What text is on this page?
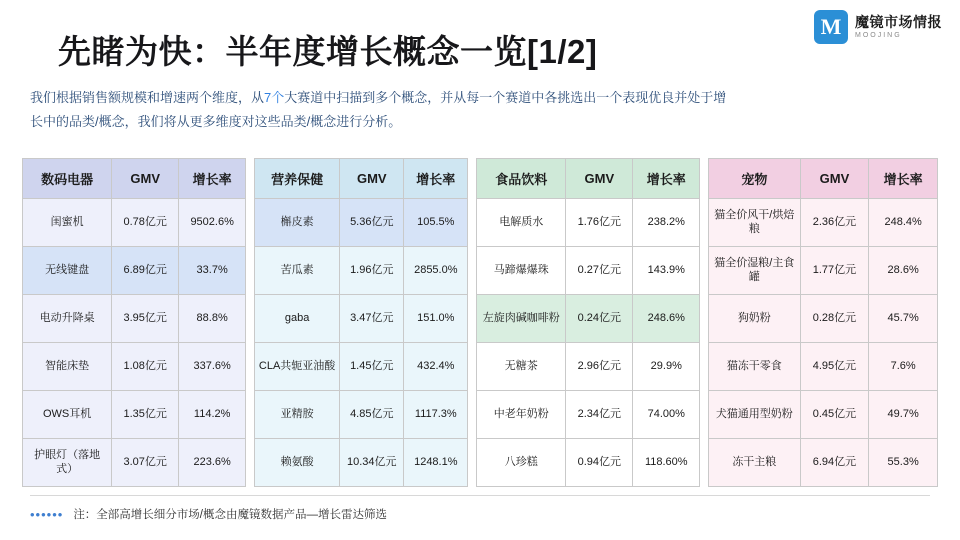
M 魔镜市场情报
MOOJING
先睹为快：半年度增长概念一览[1/2]
我们根据销售额规模和增速两个维度，从7个大赛道中扫描到多个概念，并从每一个赛道中各挑选出一个表现优良并处于增长中的品类/概念，我们将从更多维度对这些品类/概念进行分析。
数码电器	GMV	增长率
闺蜜机	0.78亿元	9502.6%
无线键盘	6.89亿元	33.7%
电动升降桌	3.95亿元	88.8%
智能床垫	1.08亿元	337.6%
OWS耳机	1.35亿元	114.2%
护眼灯（落地式）	3.07亿元	223.6%
营养保健	GMV	增长率
槲皮素	5.36亿元	105.5%
苦瓜素	1.96亿元	2855.0%
gaba	3.47亿元	151.0%
CLA共轭亚油酸	1.45亿元	432.4%
亚精胺	4.85亿元	1117.3%
赖氨酸	10.34亿元	1248.1%
食品饮料	GMV	增长率
电解质水	1.76亿元	238.2%
马蹄爆爆珠	0.27亿元	143.9%
左旋肉碱咖啡粉	0.24亿元	248.6%
无糖茶	2.96亿元	29.9%
中老年奶粉	2.34亿元	74.00%
八珍糕	0.94亿元	118.60%
宠物	GMV	增长率
猫全价风干/烘焙粮	2.36亿元	248.4%
猫全价湿粮/主食罐	1.77亿元	28.6%
狗奶粉	0.28亿元	45.7%
猫冻干零食	4.95亿元	7.6%
犬猫通用型奶粉	0.45亿元	49.7%
冻干主粮	6.94亿元	55.3%
•••••• 注：全部高增长细分市场/概念由魔镜数据产品—增长雷达筛选
